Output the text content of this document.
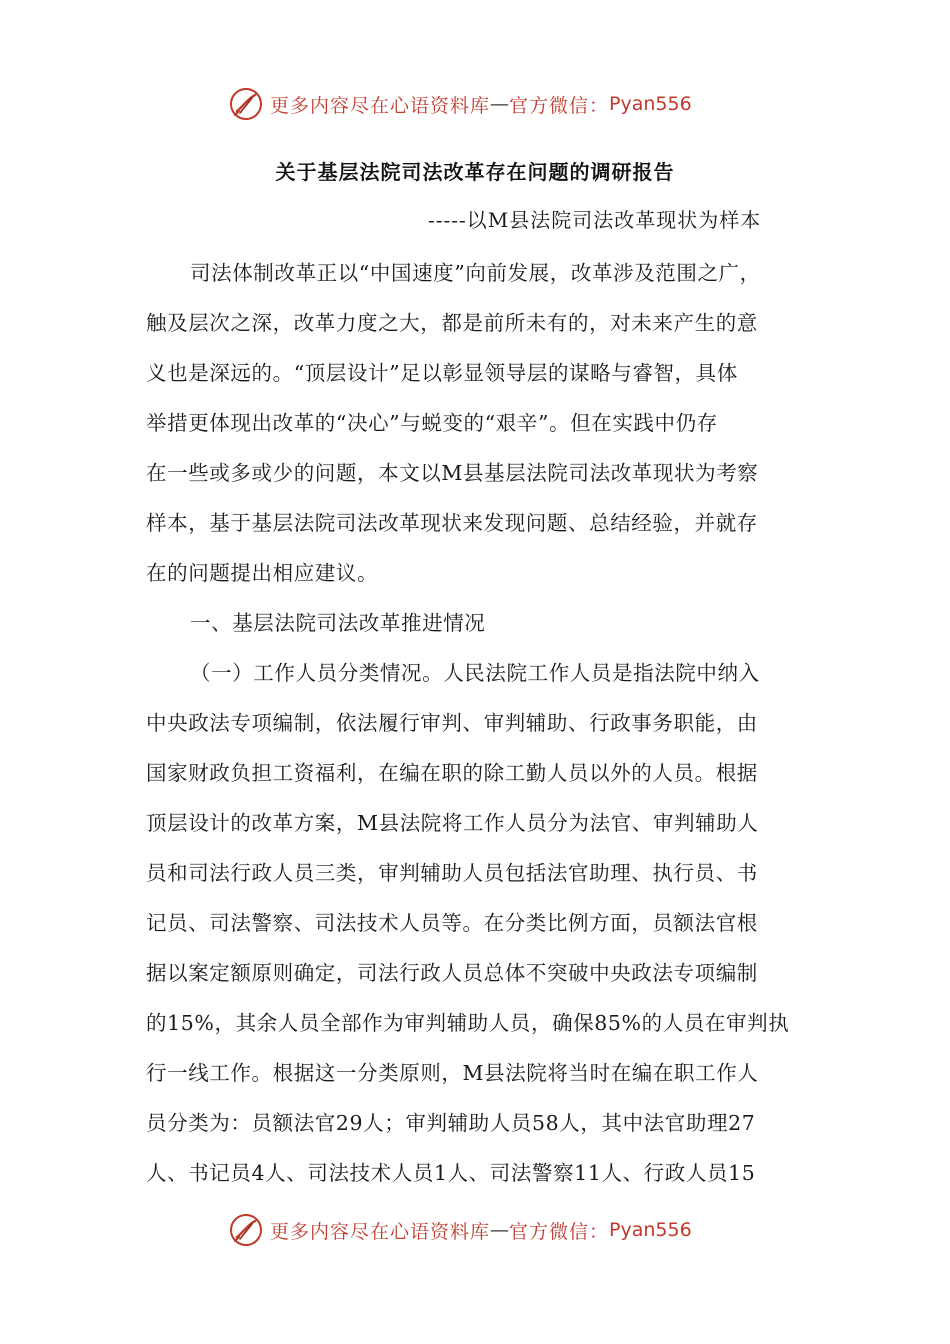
更多内容尽在心语资料库 — 官方微信： Pyan556
关于基层法院司法改革存在问题的调研报告
-----以M县法院司法改革现状为样本
司法体制改革正以“中国速度”向前发展，改革涉及范围之广，
触及层次之深，改革力度之大，都是前所未有的，对未来产生的意
义也是深远的。“顶层设计”足以彰显领导层的谋略与睿智，具体
举措更体现出改革的“决心”与蜕变的“艰辛”。但在实践中仍存
在一些或多或少的问题，本文以M县基层法院司法改革现状为考察
样本，基于基层法院司法改革现状来发现问题、总结经验，并就存
在的问题提出相应建议。
一、基层法院司法改革推进情况
（一）工作人员分类情况。人民法院工作人员是指法院中纳入
中央政法专项编制，依法履行审判、审判辅助、行政事务职能，由
国家财政负担工资福利，在编在职的除工勤人员以外的人员。根据
顶层设计的改革方案，M县法院将工作人员分为法官、审判辅助人
员和司法行政人员三类，审判辅助人员包括法官助理、执行员、书
记员、司法警察、司法技术人员等。在分类比例方面，员额法官根
据以案定额原则确定，司法行政人员总体不突破中央政法专项编制
的15%，其余人员全部作为审判辅助人员，确保85%的人员在审判执
行一线工作。根据这一分类原则，M县法院将当时在编在职工作人
员分类为：员额法官29人；审判辅助人员58人，其中法官助理27
人、书记员4人、司法技术人员1人、司法警察11人、行政人员15
更多内容尽在心语资料库 — 官方微信： Pyan556
